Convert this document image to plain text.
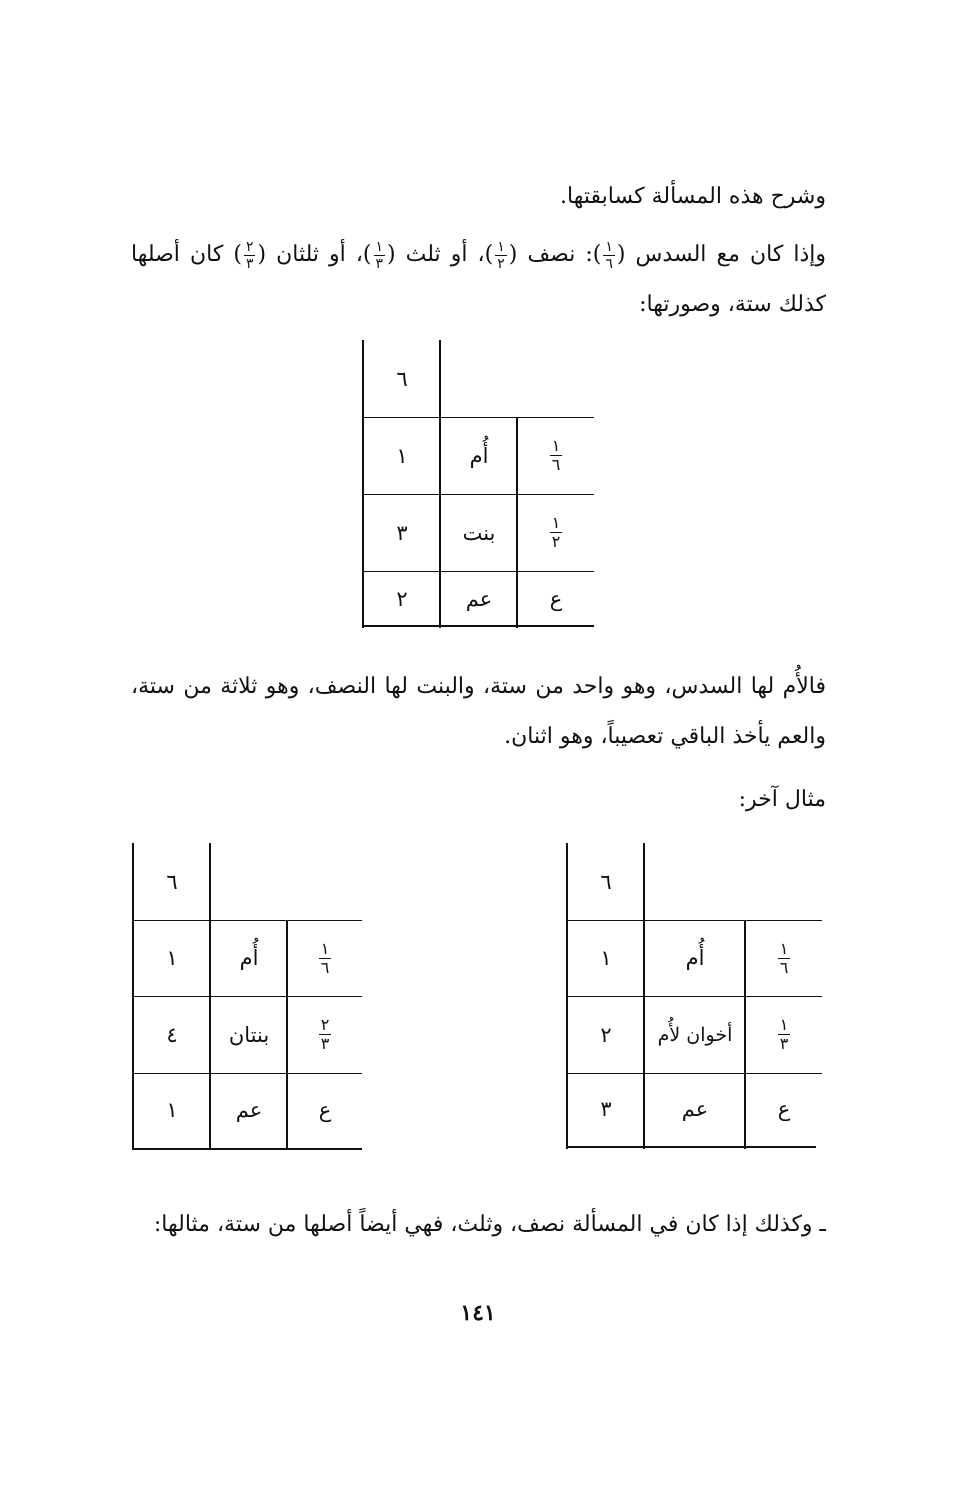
وشرح هذه المسألة كسابقتها.

وإذا كان مع السدس (
$\frac{١}{٦}$
): نصف (
$\frac{١}{٢}$
)، أو ثلث (
$\frac{١}{٣}$
)، أو ثلثان (
$\frac{٢}{٣}$
) كان أصلها كذلك ستة، وصورتها:

٦
١	أُم	$\frac{١}{٦}$
٣	بنت	$\frac{١}{٢}$
٢	عم	ع

فالأُم لها السدس، وهو واحد من ستة، والبنت لها النصف، وهو ثلاثة من ستة، والعم يأخذ الباقي تعصيباً، وهو اثنان.

مثال آخر:

٦
١	أُم	$\frac{١}{٦}$
٢	أخوان لأُم	$\frac{١}{٣}$
٣	عم	ع
٦
١	أُم	$\frac{١}{٦}$
٤	بنتان	$\frac{٢}{٣}$
١	عم	ع

ـ وكذلك إذا كان في المسألة نصف، وثلث، فهي أيضاً أصلها من ستة، مثالها:

١٤١
